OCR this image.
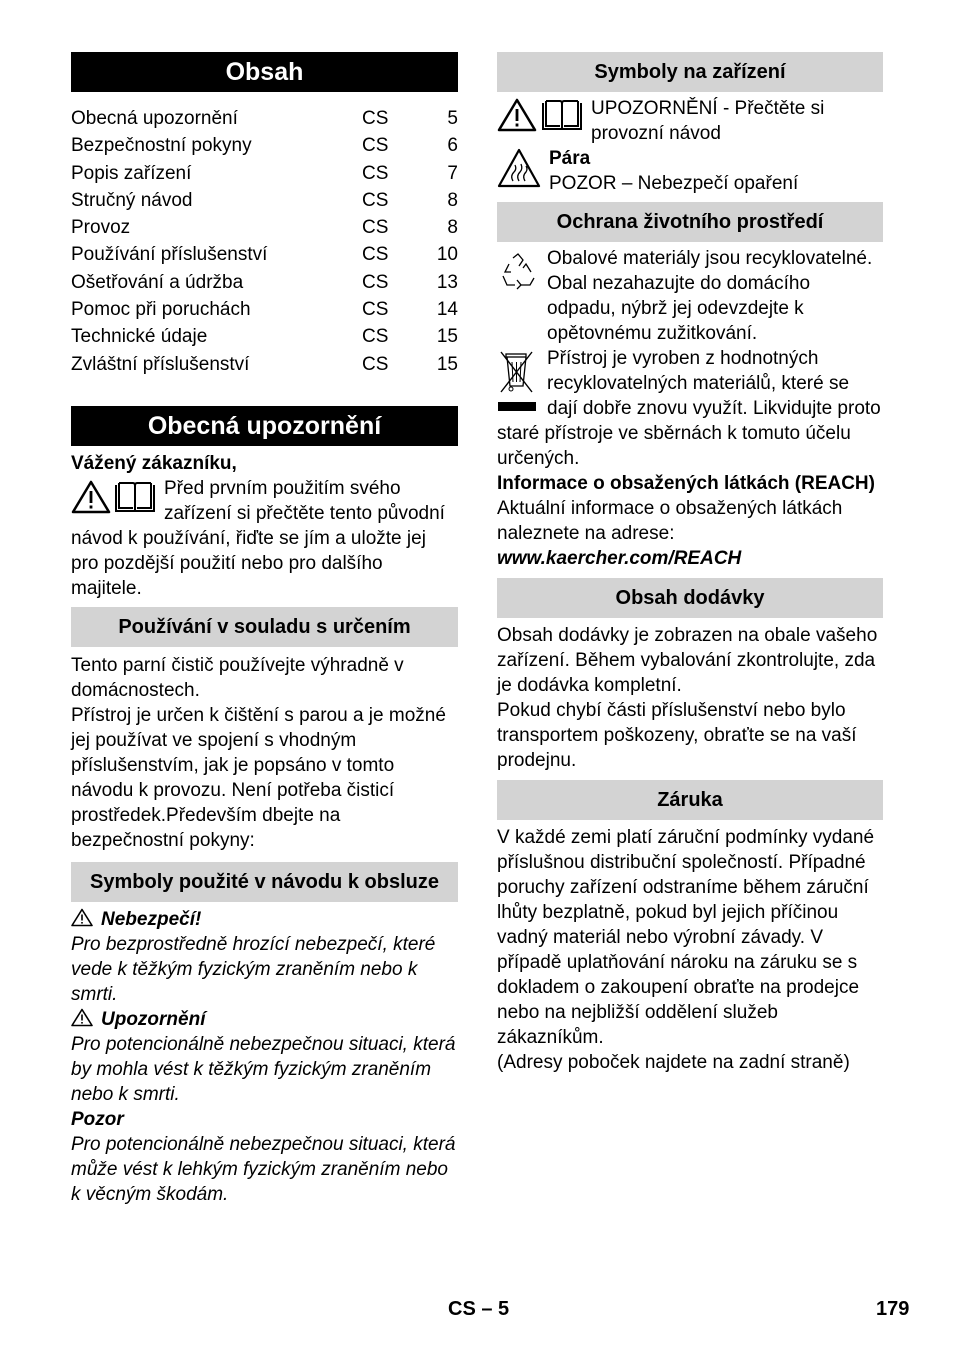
Obsah
Obecná upozornění	CS	5
Bezpečnostní pokyny	CS	6
Popis zařízení	CS	7
Stručný návod	CS	8
Provoz	CS	8
Používání příslušenství	CS	10
Ošetřování a údržba	CS	13
Pomoc při poruchách	CS	14
Technické údaje	CS	15
Zvláštní příslušenství	CS	15
Obecná upozornění

Vážený zákazníku,

Před prvním použitím svého zařízení si přečtěte tento původní návod k používání, řiďte se jím a uložte jej pro pozdější použití nebo pro dalšího majitele.

Používání v souladu s určením

Tento parní čistič používejte výhradně v domácnostech.

Přístroj je určen k čištění s parou a je možné jej používat ve spojení s vhodným příslušenstvím, jak je popsáno v tomto návodu k provozu. Není potřeba čisticí prostředek.Především dbejte na bezpečnostní pokyny:

Symboly použité v návodu k obsluze

Nebezpečí!

Pro bezprostředně hrozící nebezpečí, které vede k těžkým fyzickým zraněním nebo k smrti.

Upozornění

Pro potencionálně nebezpečnou situaci, která by mohla vést k těžkým fyzickým zraněním nebo k smrti.

Pozor

Pro potencionálně nebezpečnou situaci, která může vést k lehkým fyzickým zraněním nebo k věcným škodám.

Symboly na zařízení
UPOZORNĚNÍ - Přečtěte si provozní návod
Pára
POZOR – Nebezpečí opaření
Ochrana životního prostředí
Obalové materiály jsou recyklovatelné. Obal nezahazujte do domácího odpadu, nýbrž jej odevzdejte k opětovnému zužitkování.

Přístroj je vyroben z hodnotných recyklovatelných materiálů, které se dají dobře znovu využít. Likvidujte proto staré přístroje ve sběrnách k tomuto účelu určených.

Informace o obsažených látkách (REACH)

Aktuální informace o obsažených látkách naleznete na adrese:

www.kaercher.com/REACH

Obsah dodávky

Obsah dodávky je zobrazen na obale vašeho zařízení. Během vybalování zkontrolujte, zda je dodávka kompletní.

Pokud chybí části příslušenství nebo bylo transportem poškozeny, obraťte se na vaší prodejnu.

Záruka

V každé zemi platí záruční podmínky vydané příslušnou distribuční společností. Případné poruchy zařízení odstraníme během záruční lhůty bezplatně, pokud byl jejich příčinou vadný materiál nebo výrobní závady. V případě uplatňování nároku na záruku se s dokladem o zakoupení obraťte na prodejce nebo na nejbližší oddělení služeb zákazníkům.

(Adresy poboček najdete na zadní straně)

CS – 5	179
